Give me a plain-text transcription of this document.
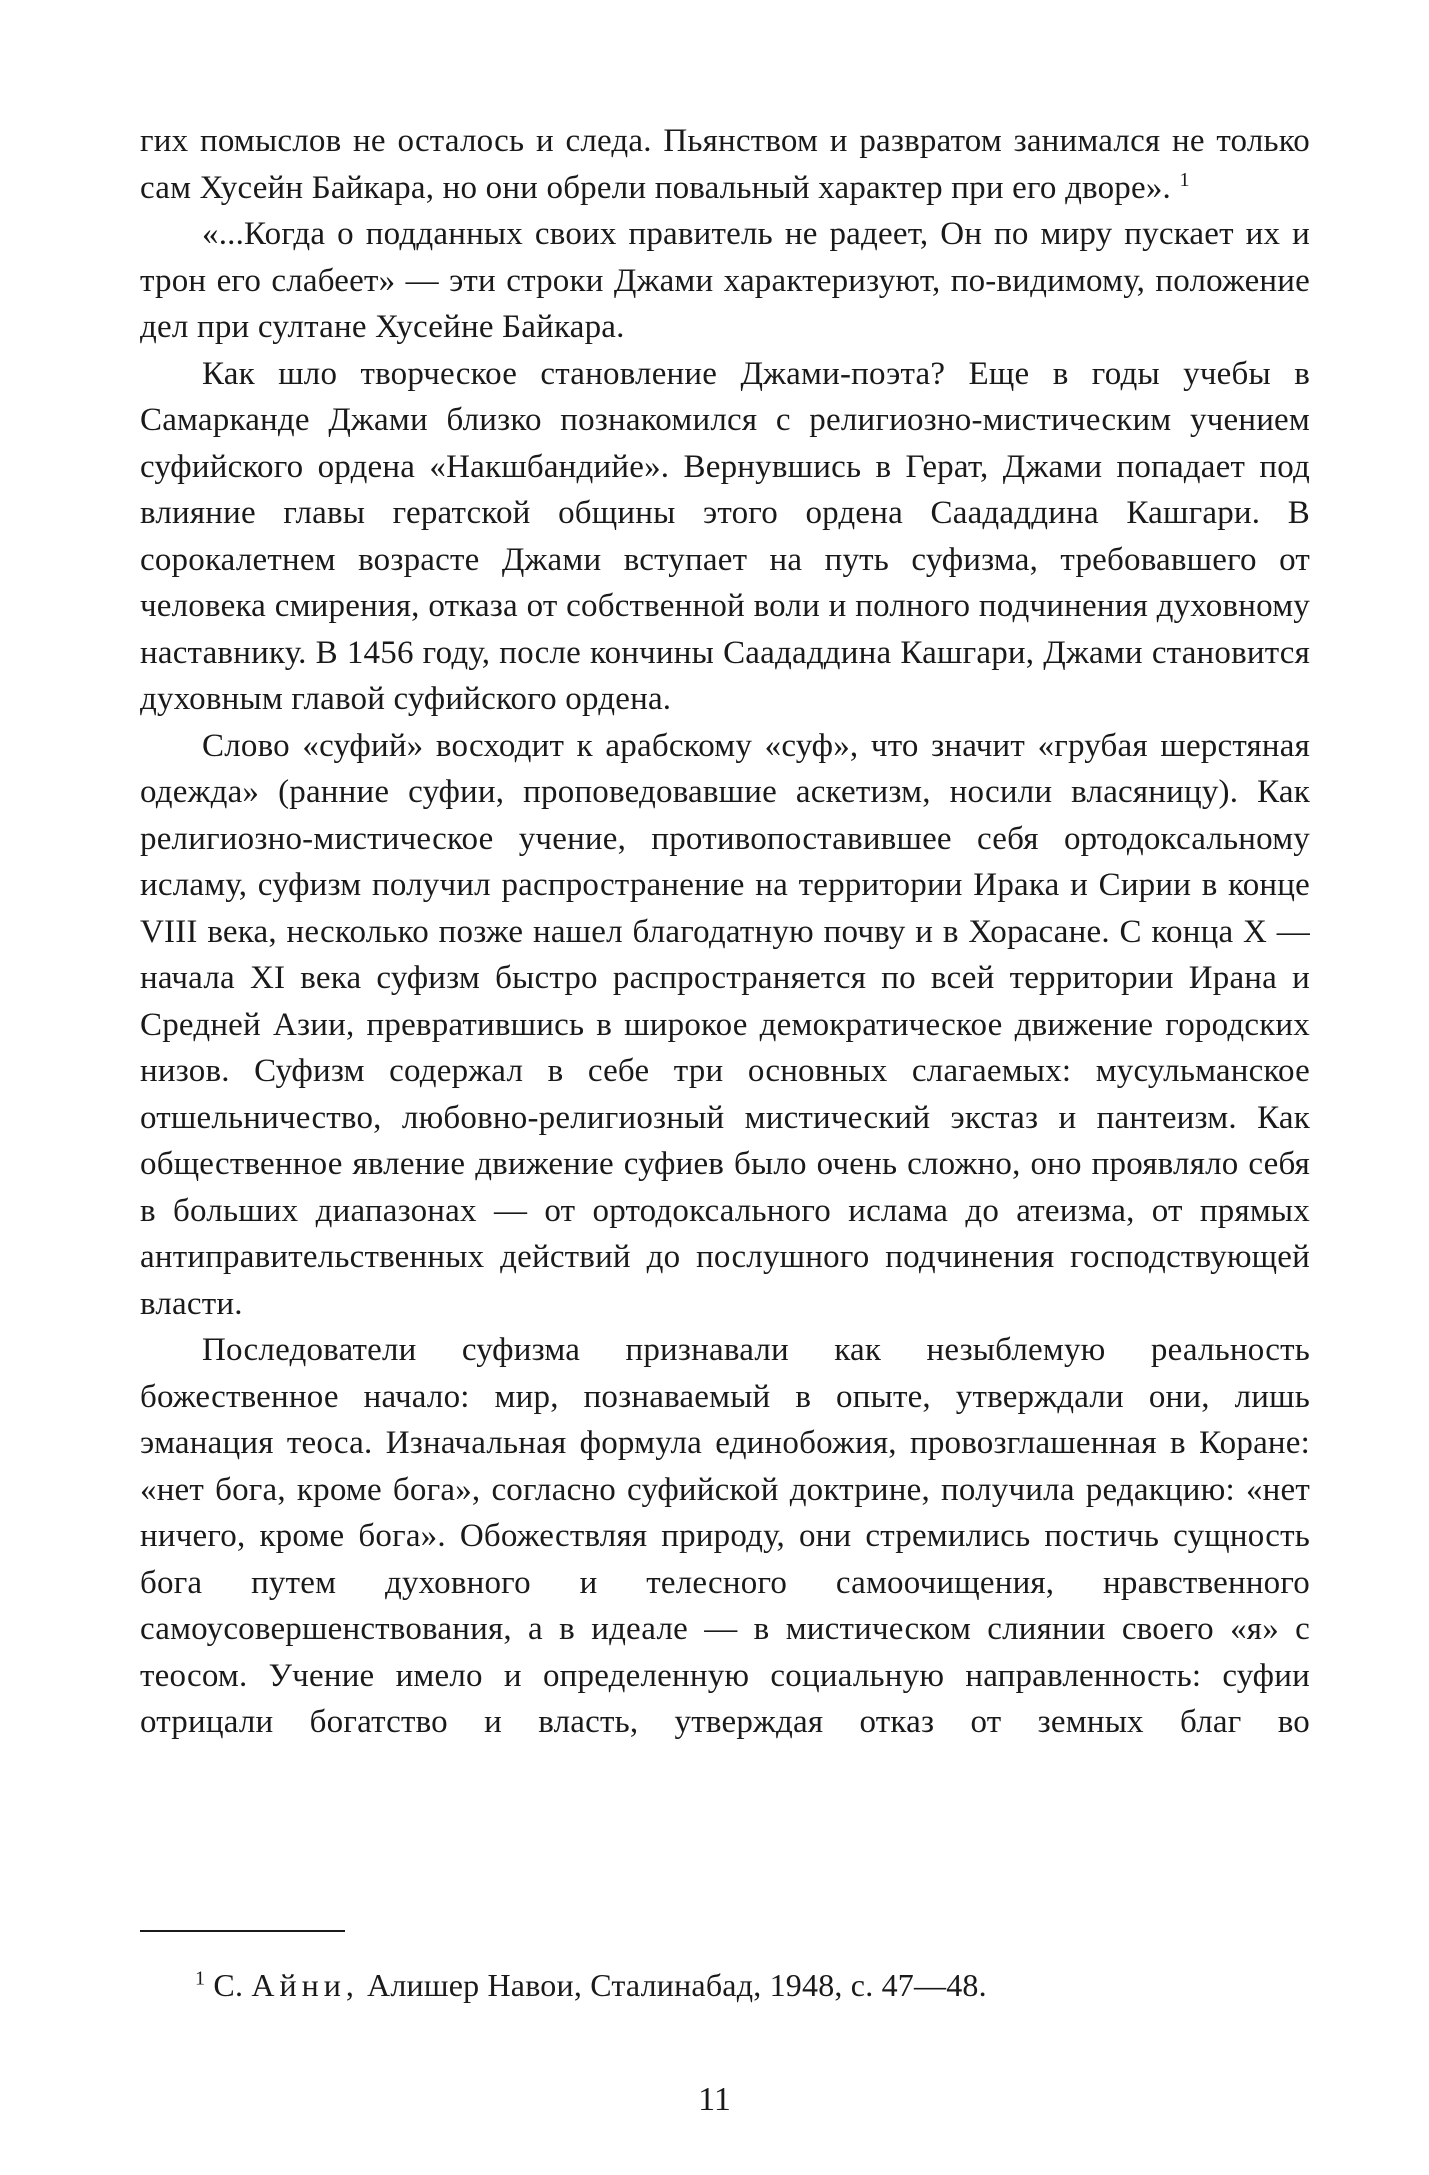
гих помыслов не осталось и следа. Пьянством и развратом занимался не только сам Хусейн Байкара, но они обрели повальный характер при его дворе». $^1$

«...Когда о подданных своих правитель не радеет, Он по миру пускает их и трон его слабеет» — эти строки Джами характеризуют, по-видимому, положение дел при султане Хусейне Байкара.

Как шло творческое становление Джами-поэта? Еще в годы учебы в Самарканде Джами близко познакомился с религиозно-мистическим учением суфийского ордена «Накшбандийе». Вернувшись в Герат, Джами попадает под влияние главы гератской общины этого ордена Саададдина Кашгари. В сорокалетнем возрасте Джами вступает на путь суфизма, требовавшего от человека смирения, отказа от собственной воли и полного подчинения духовному наставнику. В 1456 году, после кончины Саададдина Кашгари, Джами становится духовным главой суфийского ордена.

Слово «суфий» восходит к арабскому «суф», что значит «грубая шерстяная одежда» (ранние суфии, проповедовавшие аскетизм, носили власяницу). Как религиозно-мистическое учение, противопоставившее себя ортодоксальному исламу, суфизм получил распространение на территории Ирака и Сирии в конце VIII века, несколько позже нашел благодатную почву и в Хорасане. С конца X — начала XI века суфизм быстро распространяется по всей территории Ирана и Средней Азии, превратившись в широкое демократическое движение городских низов. Суфизм содержал в себе три основных слагаемых: мусульманское отшельничество, любовно-религиозный мистический экстаз и пантеизм. Как общественное явление движение суфиев было очень сложно, оно проявляло себя в больших диапазонах — от ортодоксального ислама до атеизма, от прямых антиправительственных действий до послушного подчинения господствующей власти.

Последователи суфизма признавали как незыблемую реальность божественное начало: мир, познаваемый в опыте, утверждали они, лишь эманация теоса. Изначальная формула единобожия, провозглашенная в Коране: «нет бога, кроме бога», согласно суфийской доктрине, получила редакцию: «нет ничего, кроме бога». Обожествляя природу, они стремились постичь сущность бога путем духовного и телесного самоочищения, нравственного самоусовершенствования, а в идеале — в мистическом слиянии своего «я» с теосом. Учение имело и определенную социальную направленность: суфии отрицали богатство и власть, утверждая отказ от земных благ во

$^1$ С. Айни, Алишер Навои, Сталинабад, 1948, с. 47—48.
11
